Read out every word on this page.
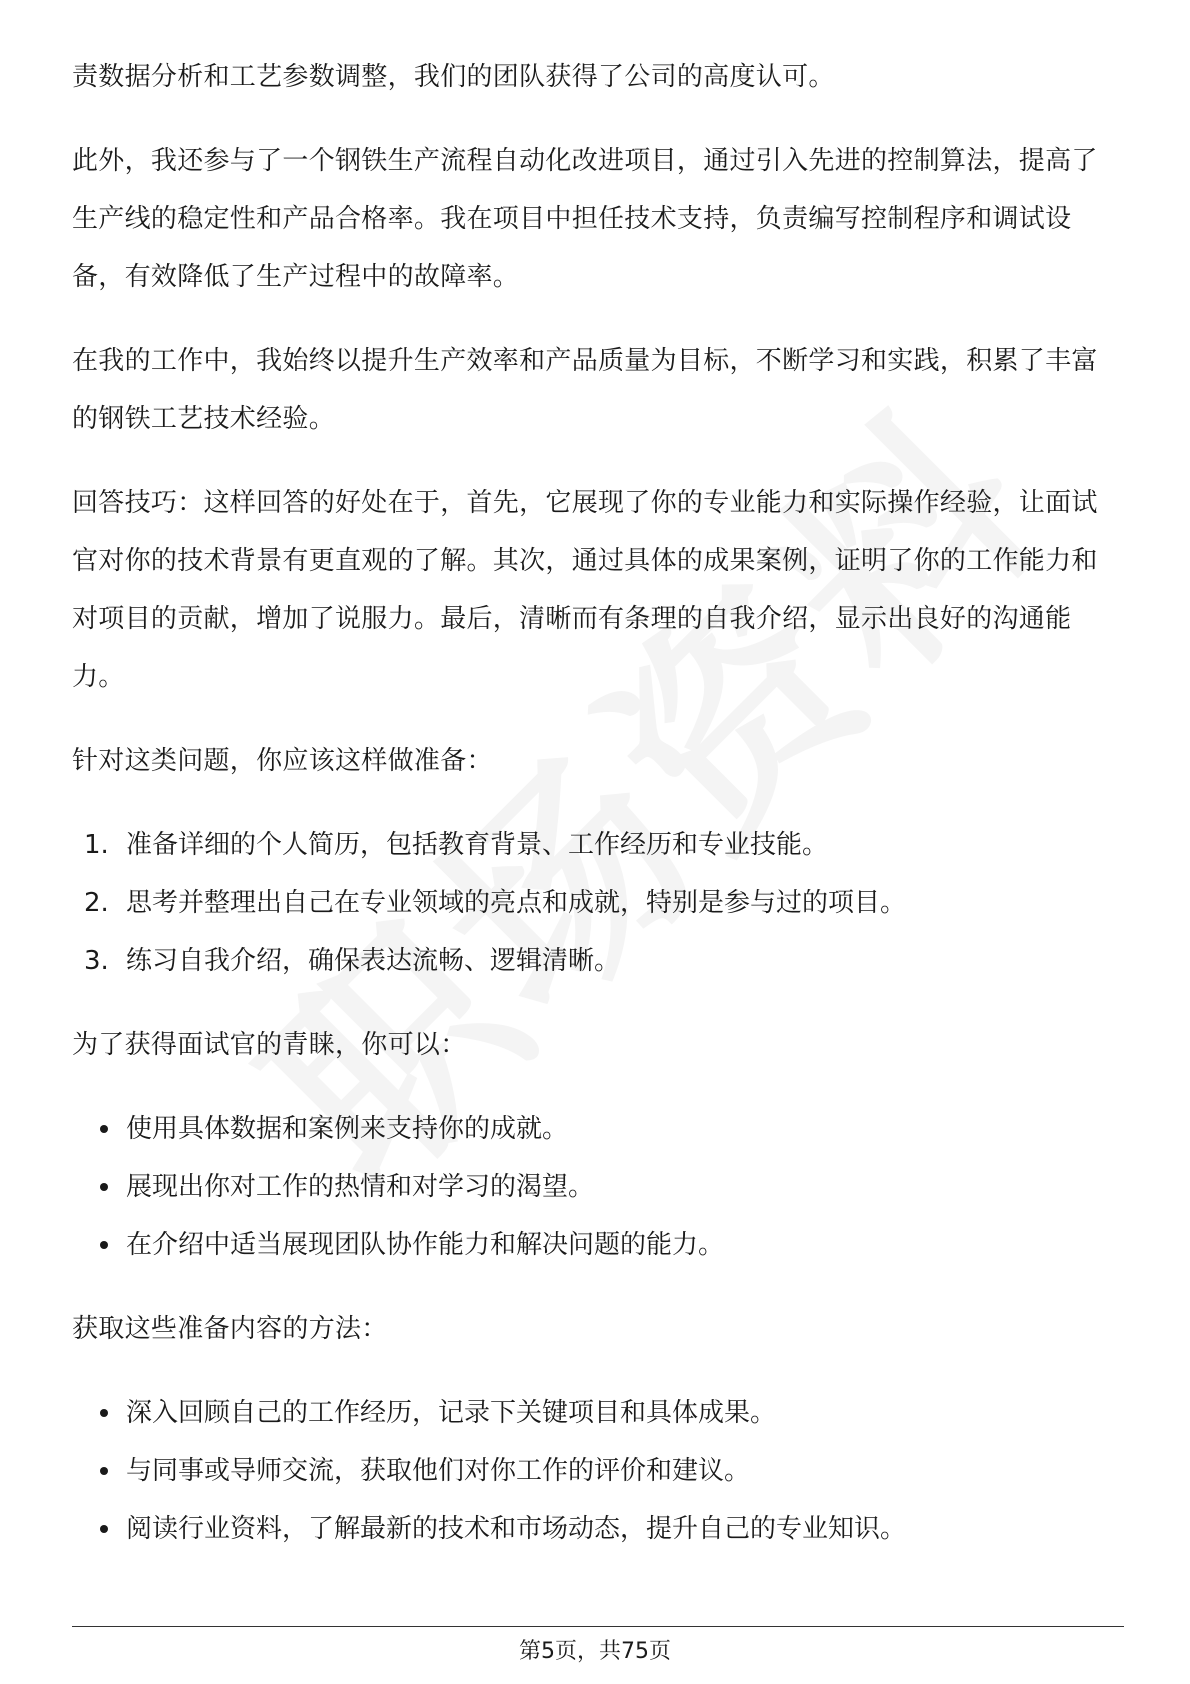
责数据分析和工艺参数调整，我们的团队获得了公司的高度认可。

此外，我还参与了一个钢铁生产流程自动化改进项目，通过引入先进的控制算法，提高了生产线的稳定性和产品合格率。我在项目中担任技术支持，负责编写控制程序和调试设备，有效降低了生产过程中的故障率。

在我的工作中，我始终以提升生产效率和产品质量为目标，不断学习和实践，积累了丰富的钢铁工艺技术经验。

回答技巧：这样回答的好处在于，首先，它展现了你的专业能力和实际操作经验，让面试官对你的技术背景有更直观的了解。其次，通过具体的成果案例，证明了你的工作能力和对项目的贡献，增加了说服力。最后，清晰而有条理的自我介绍，显示出良好的沟通能力。

针对这类问题，你应该这样做准备：

1. 准备详细的个人简历，包括教育背景、工作经历和专业技能。
2. 思考并整理出自己在专业领域的亮点和成就，特别是参与过的项目。
3. 练习自我介绍，确保表达流畅、逻辑清晰。

为了获得面试官的青睐，你可以：

使用具体数据和案例来支持你的成就。
展现出你对工作的热情和对学习的渴望。
在介绍中适当展现团队协作能力和解决问题的能力。

获取这些准备内容的方法：

深入回顾自己的工作经历，记录下关键项目和具体成果。
与同事或导师交流，获取他们对你工作的评价和建议。
阅读行业资料，了解最新的技术和市场动态，提升自己的专业知识。
第5页，共75页
